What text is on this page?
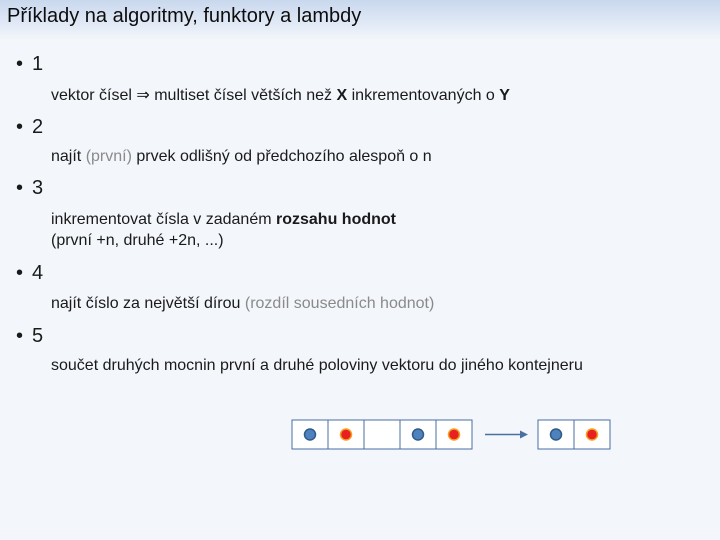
Příklady na algoritmy, funktory a lambdy
• 1
vektor čísel ⇒ multiset čísel větších než X inkrementovaných o Y
• 2
najít (první) prvek odlišný od předchozího alespoň o n
• 3
inkrementovat čísla v zadaném rozsahu hodnot
(první +n, druhé +2n, ...)
• 4
najít číslo za největší dírou (rozdíl sousedních hodnot)
• 5
součet druhých mocnin první a druhé poloviny vektoru do jiného kontejneru
